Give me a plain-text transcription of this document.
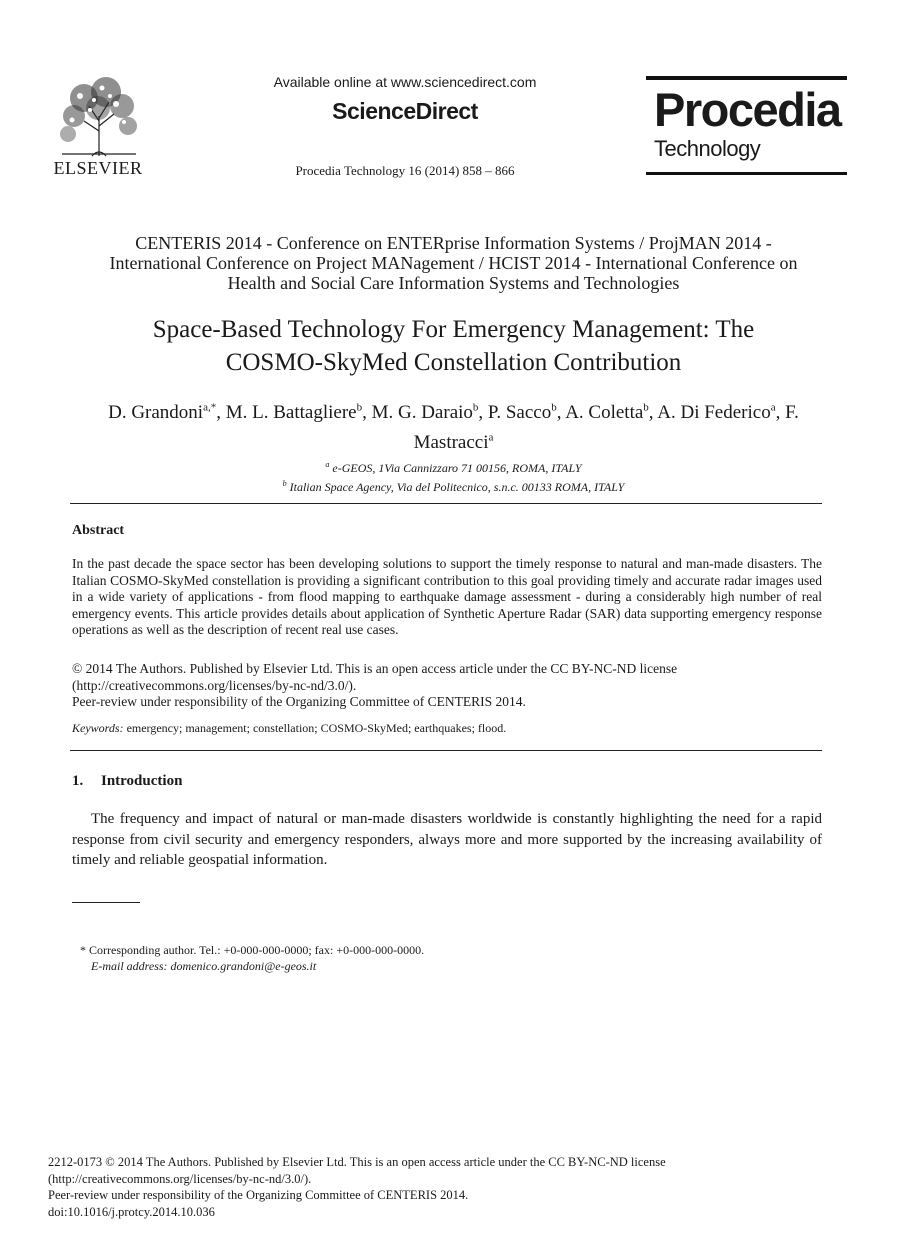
ELSEVIER
Available online at www.sciencedirect.com
ScienceDirect
Procedia Technology 16 (2014) 858 – 866
Procedia
Technology
CENTERIS 2014 - Conference on ENTERprise Information Systems / ProjMAN 2014 -
International Conference on Project MANagement / HCIST 2014 - International Conference on
Health and Social Care Information Systems and Technologies
Space-Based Technology For Emergency Management: The
COSMO-SkyMed Constellation Contribution
D. Grandoni$^{a,*}$, M. L. Battagliere$^b$, M. G. Daraio$^b$, P. Sacco$^b$, A. Coletta$^b$, A. Di Federico$^a$, F. Mastracci$^a$
$^a$ e-GEOS, 1Via Cannizzaro 71 00156, ROMA, ITALY
$^b$ Italian Space Agency, Via del Politecnico, s.n.c. 00133 ROMA, ITALY
Abstract
In the past decade the space sector has been developing solutions to support the timely response to natural and man-made disasters. The Italian COSMO-SkyMed constellation is providing a significant contribution to this goal providing timely and accurate radar images used in a wide variety of applications - from flood mapping to earthquake damage assessment - during a considerably high number of real emergency events. This article provides details about application of Synthetic Aperture Radar (SAR) data supporting emergency response operations as well as the description of recent real use cases.
© 2014 The Authors. Published by Elsevier Ltd. This is an open access article under the CC BY-NC-ND license
(http://creativecommons.org/licenses/by-nc-nd/3.0/).
Peer-review under responsibility of the Organizing Committee of CENTERIS 2014.
Keywords: emergency; management; constellation; COSMO-SkyMed; earthquakes; flood.
1. Introduction
The frequency and impact of natural or man-made disasters worldwide is constantly highlighting the need for a rapid response from civil security and emergency responders, always more and more supported by the increasing availability of timely and reliable geospatial information.
* Corresponding author. Tel.: +0-000-000-0000; fax: +0-000-000-0000.
E-mail address: domenico.grandoni@e-geos.it
2212-0173 © 2014 The Authors. Published by Elsevier Ltd. This is an open access article under the CC BY-NC-ND license
(http://creativecommons.org/licenses/by-nc-nd/3.0/).
Peer-review under responsibility of the Organizing Committee of CENTERIS 2014.
doi:10.1016/j.protcy.2014.10.036
